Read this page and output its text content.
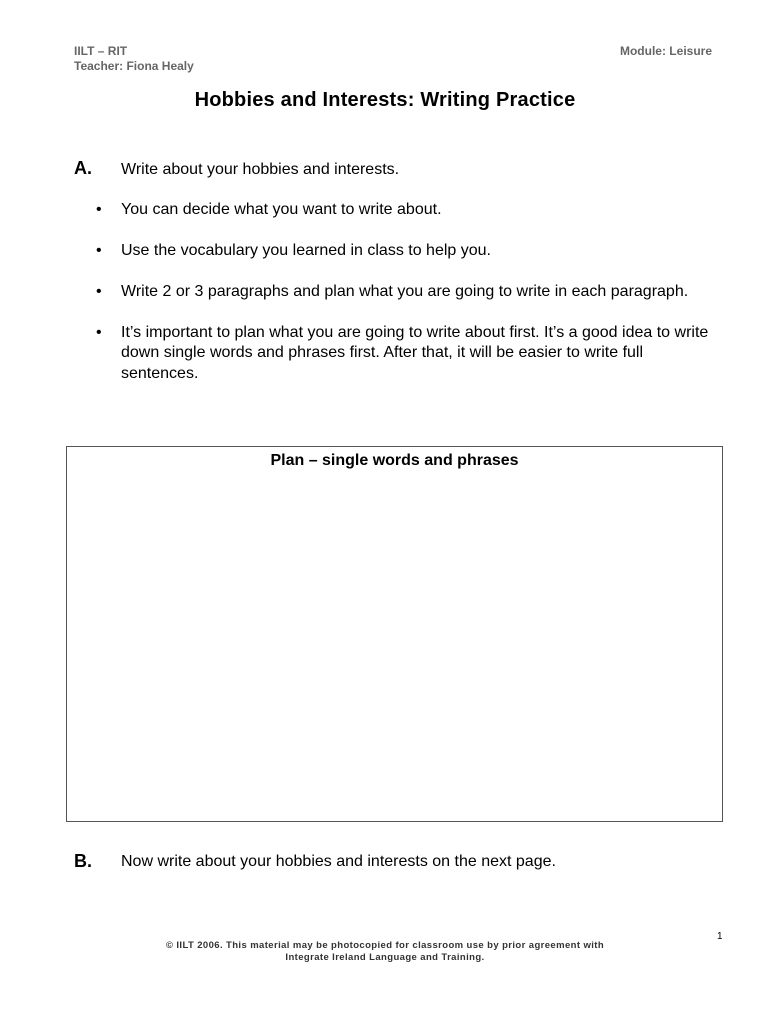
IILT – RIT
Teacher: Fiona Healy
Module: Leisure
Hobbies and Interests: Writing Practice
A. Write about your hobbies and interests.
• You can decide what you want to write about.
• Use the vocabulary you learned in class to help you.
• Write 2 or 3 paragraphs and plan what you are going to write in each paragraph.
• It’s important to plan what you are going to write about first. It’s a good idea to write down single words and phrases first. After that, it will be easier to write full sentences.
Plan – single words and phrases
B. Now write about your hobbies and interests on the next page.
1
© IILT 2006. This material may be photocopied for classroom use by prior agreement with
Integrate Ireland Language and Training.
